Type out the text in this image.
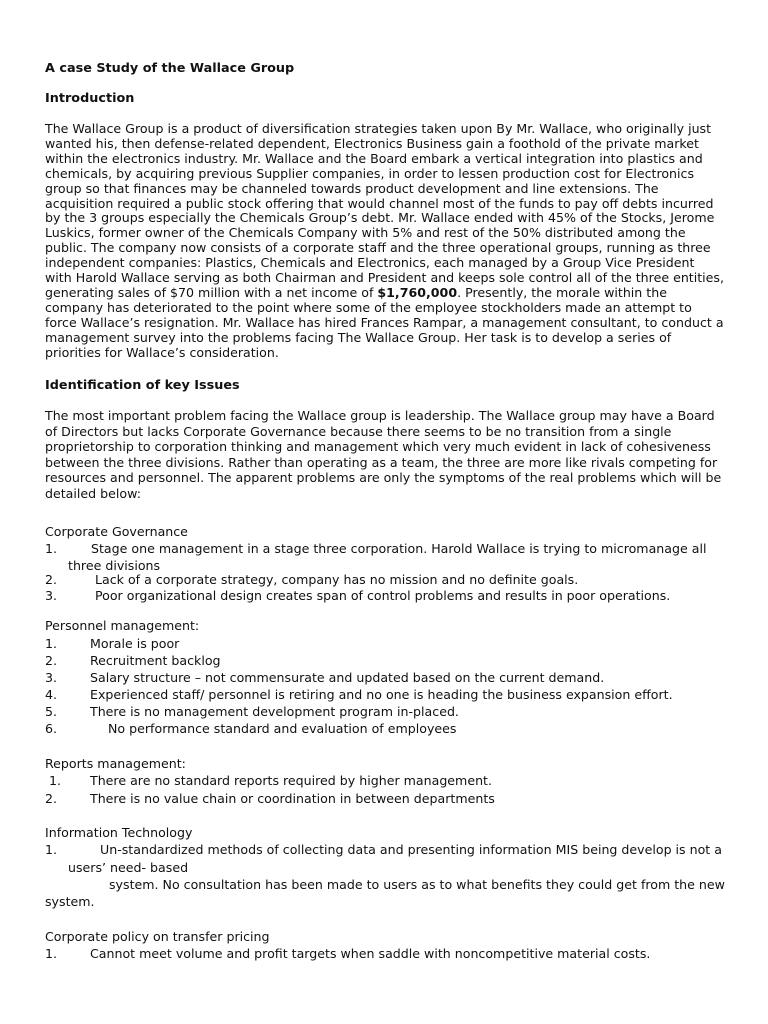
A case Study of the Wallace Group
Introduction

The Wallace Group is a product of diversification strategies taken upon By Mr. Wallace, who originally just wanted his, then defense-related dependent, Electronics Business gain a foothold of the private market within the electronics industry. Mr. Wallace and the Board embark a vertical integration into plastics and chemicals, by acquiring previous Supplier companies, in order to lessen production cost for Electronics group so that finances may be channeled towards product development and line extensions. The acquisition required a public stock offering that would channel most of the funds to pay off debts incurred by the 3 groups especially the Chemicals Group’s debt. Mr. Wallace ended with 45% of the Stocks, Jerome Luskics, former owner of the Chemicals Company with 5% and rest of the 50% distributed among the public. The company now consists of a corporate staff and the three operational groups, running as three independent companies: Plastics, Chemicals and Electronics, each managed by a Group Vice President with Harold Wallace serving as both Chairman and President and keeps sole control all of the three entities, generating sales of $70 million with a net income of $1,760,000. Presently, the morale within the company has deteriorated to the point where some of the employee stockholders made an attempt to force Wallace’s resignation. Mr. Wallace has hired Frances Rampar, a management consultant, to conduct a management survey into the problems facing The Wallace Group. Her task is to develop a series of priorities for Wallace’s consideration.

Identification of key Issues

The most important problem facing the Wallace group is leadership. The Wallace group may have a Board of Directors but lacks Corporate Governance because there seems to be no transition from a single proprietorship to corporation thinking and management which very much evident in lack of cohesiveness between the three divisions. Rather than operating as a team, the three are more like rivals competing for resources and personnel. The apparent problems are only the symptoms of the real problems which will be detailed below:

Corporate Governance
1.	Stage one management in a stage three corporation. Harold Wallace is trying to micromanage all
three divisions
2.	Lack of a corporate strategy, company has no mission and no definite goals.
3.	Poor organizational design creates span of control problems and results in poor operations.
Personnel management:
1.	Morale is poor
2.	Recruitment backlog
3.	Salary structure – not commensurate and updated based on the current demand.
4.	Experienced staff/ personnel is retiring and no one is heading the business expansion effort.
5.	There is no management development program in-placed.
6.	No performance standard and evaluation of employees
Reports management:
1. There are no standard reports required by higher management.
2.	There is no value chain or coordination in between departments
Information Technology
1.	Un-standardized methods of collecting data and presenting information MIS being develop is not a
users’ need- based
system. No consultation has been made to users as to what benefits they could get from the new
system.
Corporate policy on transfer pricing
1.	Cannot meet volume and profit targets when saddle with noncompetitive material costs.
